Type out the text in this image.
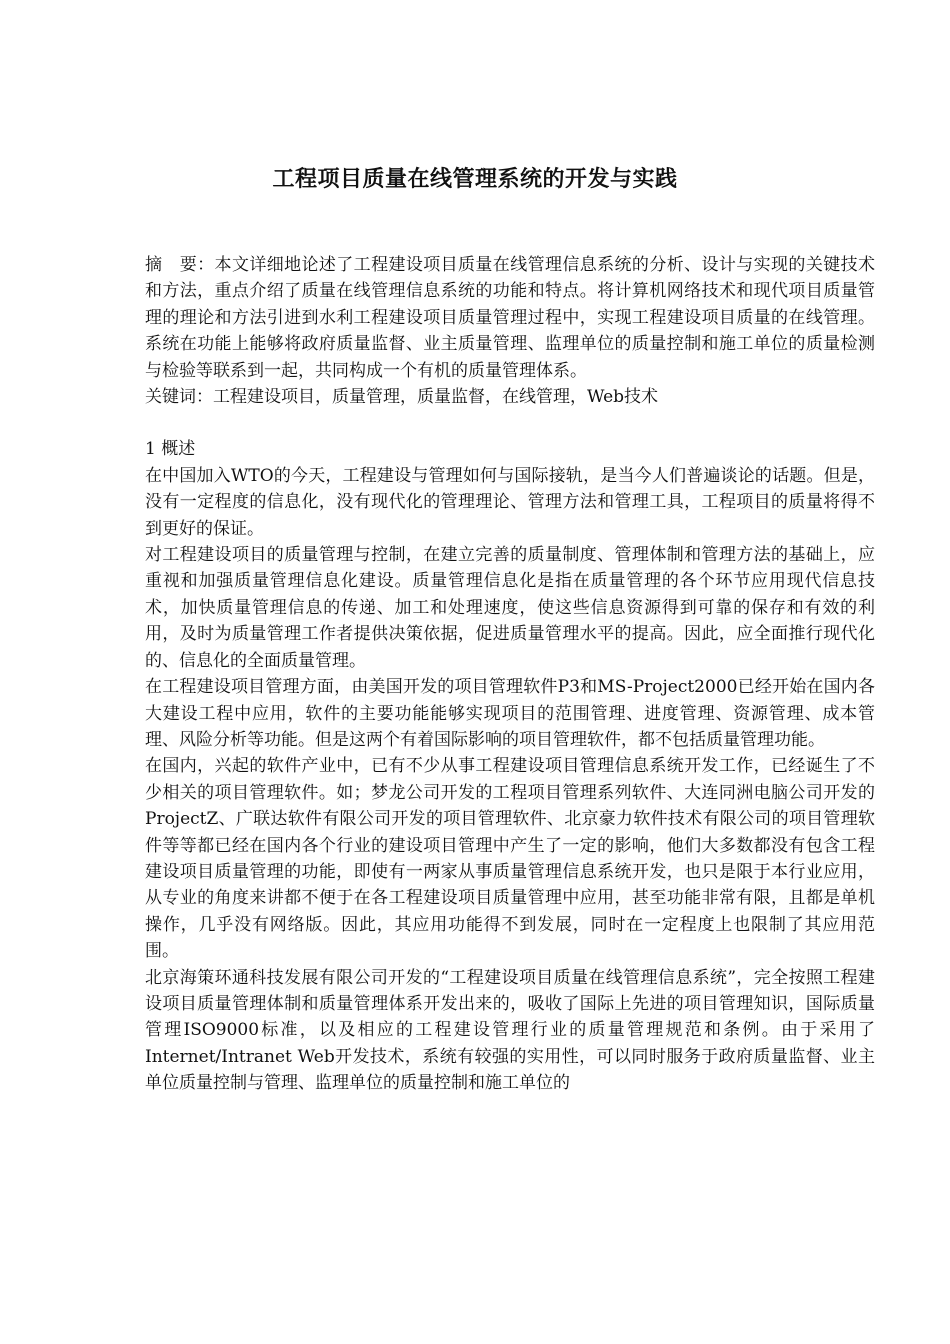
工程项目质量在线管理系统的开发与实践

摘　要：本文详细地论述了工程建设项目质量在线管理信息系统的分析、设计与实现的关键技术和方法，重点介绍了质量在线管理信息系统的功能和特点。将计算机网络技术和现代项目质量管理的理论和方法引进到水利工程建设项目质量管理过程中，实现工程建设项目质量的在线管理。系统在功能上能够将政府质量监督、业主质量管理、监理单位的质量控制和施工单位的质量检测与检验等联系到一起，共同构成一个有机的质量管理体系。

关键词：工程建设项目，质量管理，质量监督，在线管理，Web技术

1 概述

在中国加入WTO的今天，工程建设与管理如何与国际接轨，是当今人们普遍谈论的话题。但是，没有一定程度的信息化，没有现代化的管理理论、管理方法和管理工具，工程项目的质量将得不到更好的保证。

对工程建设项目的质量管理与控制，在建立完善的质量制度、管理体制和管理方法的基础上，应重视和加强质量管理信息化建设。质量管理信息化是指在质量管理的各个环节应用现代信息技术，加快质量管理信息的传递、加工和处理速度，使这些信息资源得到可靠的保存和有效的利用，及时为质量管理工作者提供决策依据，促进质量管理水平的提高。因此，应全面推行现代化的、信息化的全面质量管理。

在工程建设项目管理方面，由美国开发的项目管理软件P3和MS-Project2000已经开始在国内各大建设工程中应用，软件的主要功能能够实现项目的范围管理、进度管理、资源管理、成本管理、风险分析等功能。但是这两个有着国际影响的项目管理软件，都不包括质量管理功能。

在国内，兴起的软件产业中，已有不少从事工程建设项目管理信息系统开发工作，已经诞生了不少相关的项目管理软件。如；梦龙公司开发的工程项目管理系列软件、大连同洲电脑公司开发的ProjectZ、广联达软件有限公司开发的项目管理软件、北京豪力软件技术有限公司的项目管理软件等等都已经在国内各个行业的建设项目管理中产生了一定的影响，他们大多数都没有包含工程建设项目质量管理的功能，即使有一两家从事质量管理信息系统开发，也只是限于本行业应用，从专业的角度来讲都不便于在各工程建设项目质量管理中应用，甚至功能非常有限，且都是单机操作，几乎没有网络版。因此，其应用功能得不到发展，同时在一定程度上也限制了其应用范围。

北京海策环通科技发展有限公司开发的“工程建设项目质量在线管理信息系统”，完全按照工程建设项目质量管理体制和质量管理体系开发出来的，吸收了国际上先进的项目管理知识，国际质量管理ISO9000标准，以及相应的工程建设管理行业的质量管理规范和条例。由于采用了Internet/Intranet Web开发技术，系统有较强的实用性，可以同时服务于政府质量监督、业主单位质量控制与管理、监理单位的质量控制和施工单位的
